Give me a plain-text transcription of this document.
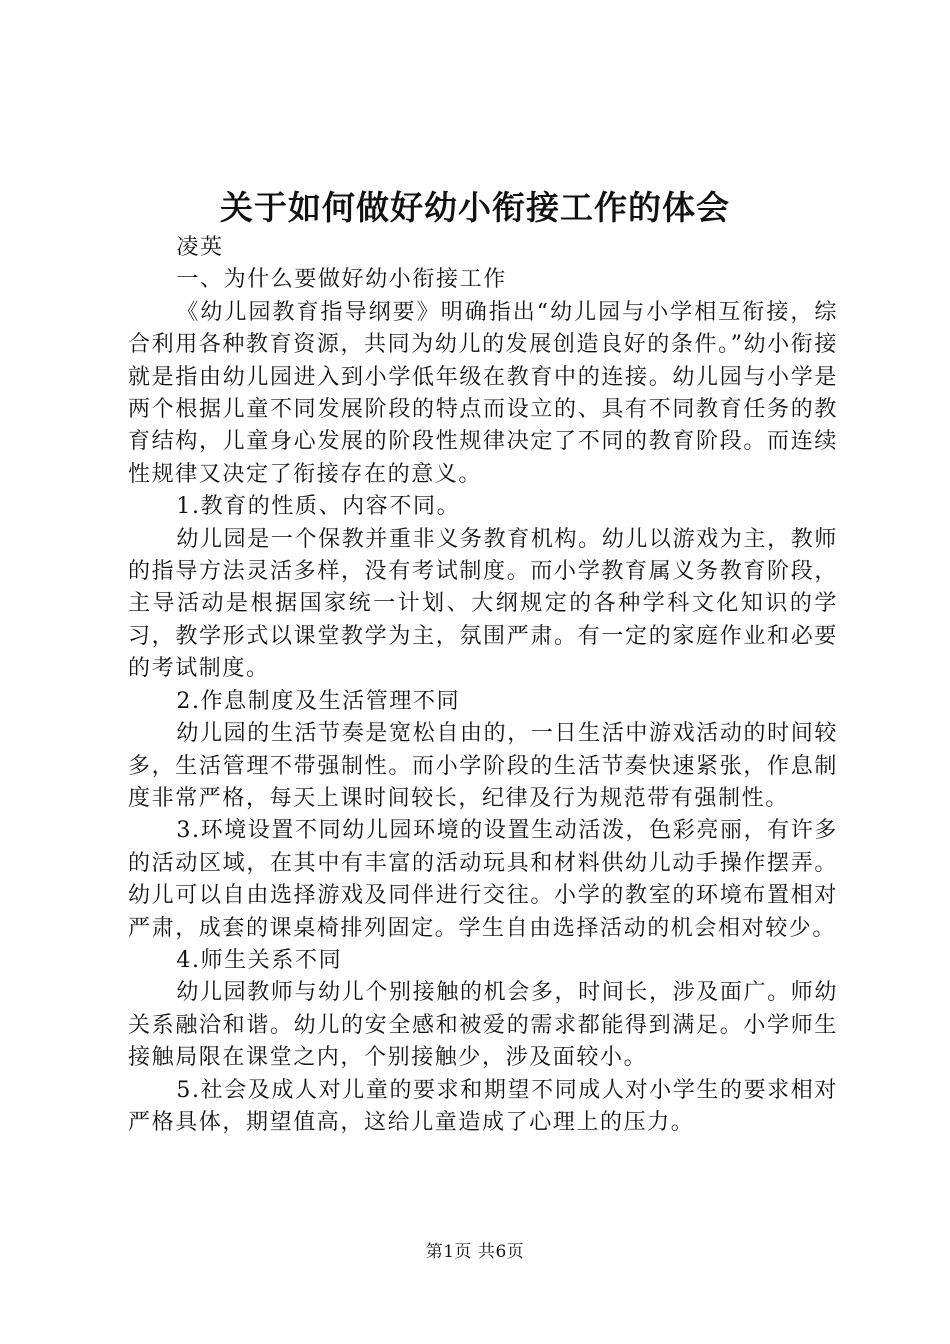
关于如何做好幼小衔接工作的体会

凌英

一、为什么要做好幼小衔接工作

《幼儿园教育指导纲要》明确指出“幼儿园与小学相互衔接，综合利用各种教育资源，共同为幼儿的发展创造良好的条件。”幼小衔接就是指由幼儿园进入到小学低年级在教育中的连接。幼儿园与小学是两个根据儿童不同发展阶段的特点而设立的、具有不同教育任务的教育结构，儿童身心发展的阶段性规律决定了不同的教育阶段。而连续性规律又决定了衔接存在的意义。

1.教育的性质、内容不同。

幼儿园是一个保教并重非义务教育机构。幼儿以游戏为主，教师的指导方法灵活多样，没有考试制度。而小学教育属义务教育阶段，主导活动是根据国家统一计划、大纲规定的各种学科文化知识的学习，教学形式以课堂教学为主，氛围严肃。有一定的家庭作业和必要的考试制度。

2.作息制度及生活管理不同

幼儿园的生活节奏是宽松自由的，一日生活中游戏活动的时间较多，生活管理不带强制性。而小学阶段的生活节奏快速紧张，作息制度非常严格，每天上课时间较长，纪律及行为规范带有强制性。

3.环境设置不同幼儿园环境的设置生动活泼，色彩亮丽，有许多的活动区域，在其中有丰富的活动玩具和材料供幼儿动手操作摆弄。幼儿可以自由选择游戏及同伴进行交往。小学的教室的环境布置相对严肃，成套的课桌椅排列固定。学生自由选择活动的机会相对较少。

4.师生关系不同

幼儿园教师与幼儿个别接触的机会多，时间长，涉及面广。师幼关系融洽和谐。幼儿的安全感和被爱的需求都能得到满足。小学师生接触局限在课堂之内，个别接触少，涉及面较小。

5.社会及成人对儿童的要求和期望不同成人对小学生的要求相对严格具体，期望值高，这给儿童造成了心理上的压力。

第1页 共6页
